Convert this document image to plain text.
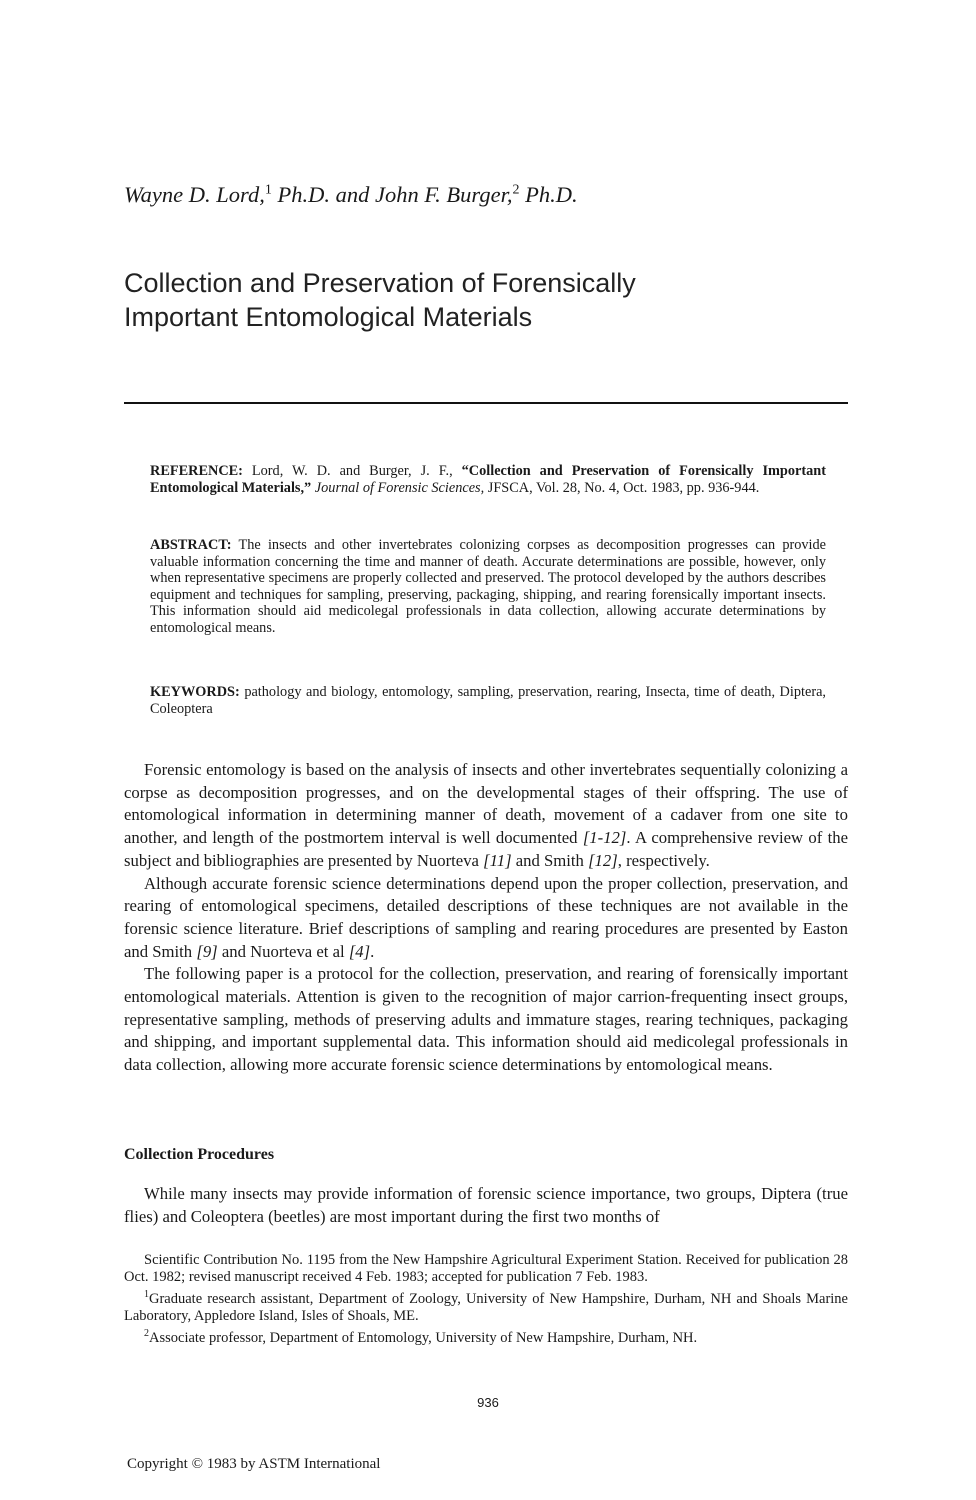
Wayne D. Lord,$^1$ Ph.D. and John F. Burger,$^2$ Ph.D.
Collection and Preservation of Forensically
Important Entomological Materials
REFERENCE: Lord, W. D. and Burger, J. F., “Collection and Preservation of Forensically Important Entomological Materials,” Journal of Forensic Sciences, JFSCA, Vol. 28, No. 4, Oct. 1983, pp. 936-944.
ABSTRACT: The insects and other invertebrates colonizing corpses as decomposition progresses can provide valuable information concerning the time and manner of death. Accurate determinations are possible, however, only when representative specimens are properly collected and preserved. The protocol developed by the authors describes equipment and techniques for sampling, preserving, packaging, shipping, and rearing forensically important insects. This information should aid medicolegal professionals in data collection, allowing accurate determinations by entomological means.
KEYWORDS: pathology and biology, entomology, sampling, preservation, rearing, Insecta, time of death, Diptera, Coleoptera

Forensic entomology is based on the analysis of insects and other invertebrates sequentially colonizing a corpse as decomposition progresses, and on the developmental stages of their offspring. The use of entomological information in determining manner of death, movement of a cadaver from one site to another, and length of the postmortem interval is well documented [1-12]. A comprehensive review of the subject and bibliographies are presented by Nuorteva [11] and Smith [12], respectively.

Although accurate forensic science determinations depend upon the proper collection, preservation, and rearing of entomological specimens, detailed descriptions of these techniques are not available in the forensic science literature. Brief descriptions of sampling and rearing procedures are presented by Easton and Smith [9] and Nuorteva et al [4].

The following paper is a protocol for the collection, preservation, and rearing of forensically important entomological materials. Attention is given to the recognition of major carrion-frequenting insect groups, representative sampling, methods of preserving adults and immature stages, rearing techniques, packaging and shipping, and important supplemental data. This information should aid medicolegal professionals in data collection, allowing more accurate forensic science determinations by entomological means.

Collection Procedures

While many insects may provide information of forensic science importance, two groups, Diptera (true flies) and Coleoptera (beetles) are most important during the first two months of

Scientific Contribution No. 1195 from the New Hampshire Agricultural Experiment Station. Received for publication 28 Oct. 1982; revised manuscript received 4 Feb. 1983; accepted for publication 7 Feb. 1983.

$^1$Graduate research assistant, Department of Zoology, University of New Hampshire, Durham, NH and Shoals Marine Laboratory, Appledore Island, Isles of Shoals, ME.

$^2$Associate professor, Department of Entomology, University of New Hampshire, Durham, NH.

936
Copyright © 1983 by ASTM International
